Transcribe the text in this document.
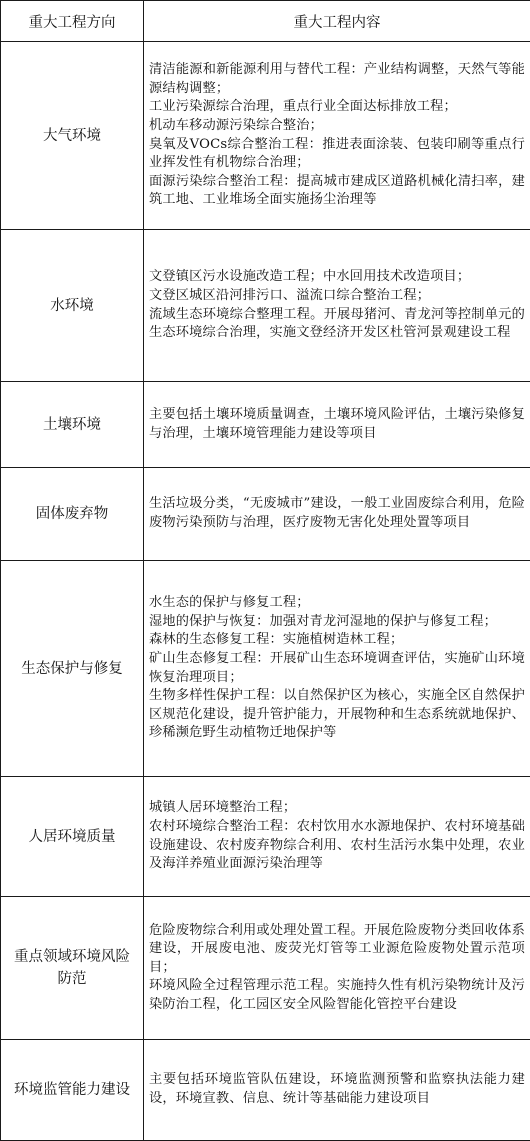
重大工程方向	重大工程内容
大气环境	清洁能源和新能源利用与替代工程：产业结构调整，天然气等能源结构调整；
工业污染源综合治理，重点行业全面达标排放工程；
机动车移动源污染综合整治；
臭氧及VOCs综合整治工程：推进表面涂装、包装印刷等重点行业挥发性有机物综合治理；
面源污染综合整治工程：提高城市建成区道路机械化清扫率，建筑工地、工业堆场全面实施扬尘治理等

水环境	文登镇区污水设施改造工程；中水回用技术改造项目；
文登区城区沿河排污口、溢流口综合整治工程；
流域生态环境综合整理工程。开展母猪河、青龙河等控制单元的生态环境综合治理，实施文登经济开发区杜管河景观建设工程

土壤环境	主要包括土壤环境质量调查，土壤环境风险评估，土壤污染修复与治理，土壤环境管理能力建设等项目

固体废弃物	生活垃圾分类，“无废城市”建设，一般工业固废综合利用，危险废物污染预防与治理，医疗废物无害化处理处置等项目

生态保护与修复	水生态的保护与修复工程；
湿地的保护与恢复：加强对青龙河湿地的保护与修复工程；
森林的生态修复工程：实施植树造林工程；
矿山生态修复工程：开展矿山生态环境调查评估，实施矿山环境恢复治理项目；
生物多样性保护工程：以自然保护区为核心，实施全区自然保护区规范化建设，提升管护能力，开展物种和生态系统就地保护、珍稀濒危野生动植物迁地保护等

人居环境质量	城镇人居环境整治工程；
农村环境综合整治工程：农村饮用水水源地保护、农村环境基础设施建设、农村废弃物综合利用、农村生活污水集中处理，农业及海洋养殖业面源污染治理等

重点领域环境风险防范	危险废物综合利用或处理处置工程。开展危险废物分类回收体系建设，开展废电池、废荧光灯管等工业源危险废物处置示范项目；
环境风险全过程管理示范工程。实施持久性有机污染物统计及污染防治工程，化工园区安全风险智能化管控平台建设

环境监管能力建设	主要包括环境监管队伍建设，环境监测预警和监察执法能力建设，环境宣教、信息、统计等基础能力建设项目
